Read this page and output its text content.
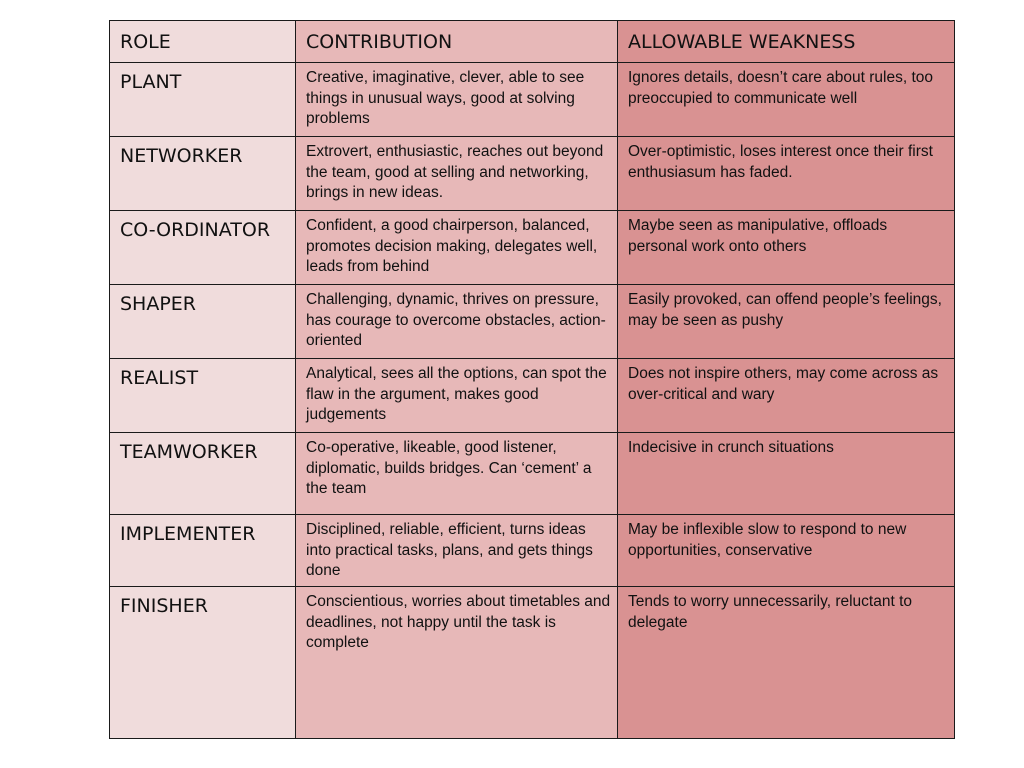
ROLE	CONTRIBUTION	ALLOWABLE WEAKNESS

PLANT	Creative, imaginative, clever, able to see things in unusual ways, good at solving problems	Ignores details, doesn’t care about rules, too preoccupied to communicate well

NETWORKER	Extrovert, enthusiastic, reaches out beyond the team, good at selling and networking, brings in new ideas.	Over-optimistic, loses interest once their first enthusiasum has faded.

CO-ORDINATOR	Confident, a good chairperson, balanced, promotes decision making, delegates well, leads from behind	Maybe seen as manipulative, offloads personal work onto others

SHAPER	Challenging, dynamic, thrives on pressure, has courage to overcome obstacles, action-oriented	Easily provoked, can offend people’s feelings, may be seen as pushy

REALIST	Analytical, sees all the options, can spot the flaw in the argument, makes good judgements	Does not inspire others, may come across as over-critical and wary

TEAMWORKER	Co-operative, likeable, good listener, diplomatic, builds bridges. Can ‘cement’ a the team	Indecisive in crunch situations

IMPLEMENTER	Disciplined, reliable, efficient, turns ideas into practical tasks, plans, and gets things done	May be inflexible slow to respond to new opportunities, conservative

FINISHER	Conscientious, worries about timetables and deadlines, not happy until the task is complete	Tends to worry unnecessarily, reluctant to delegate
